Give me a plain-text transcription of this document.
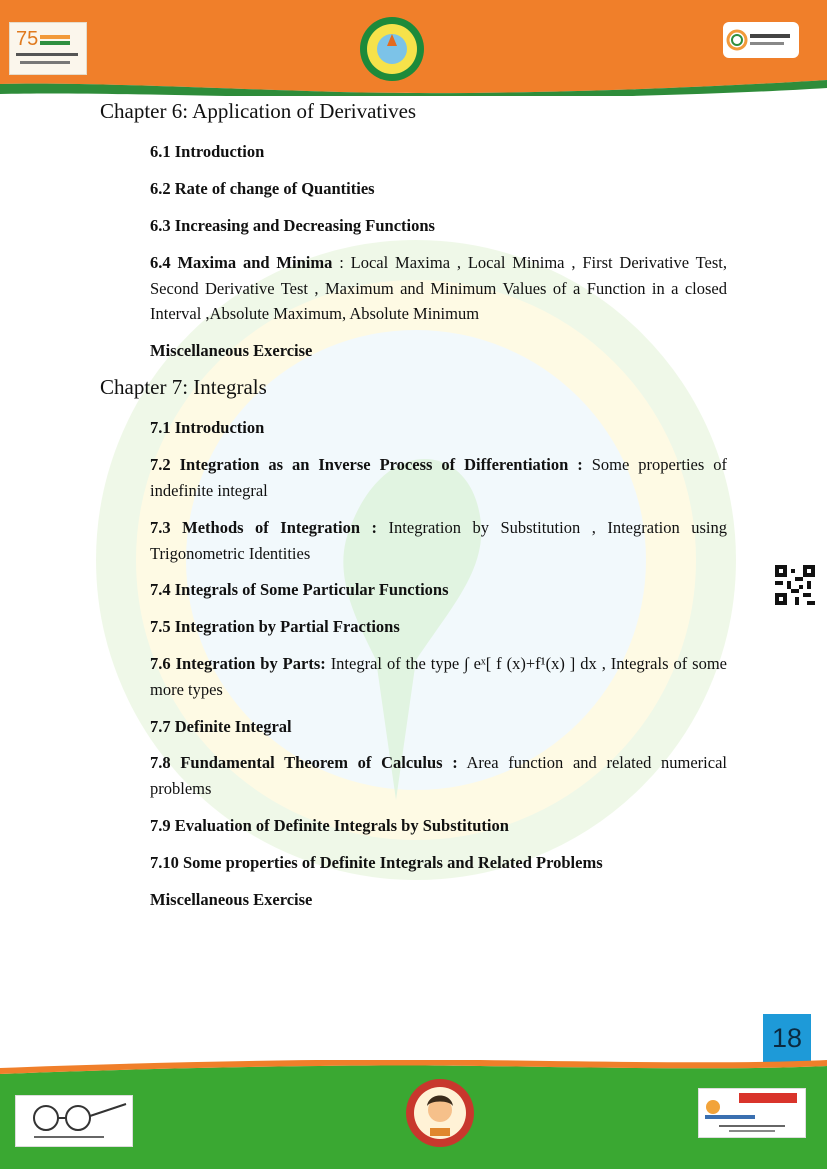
75
Chapter 6: Application of Derivatives

6.1 Introduction

6.2 Rate of change of Quantities

6.3 Increasing and Decreasing Functions

6.4 Maxima and Minima : Local Maxima , Local Minima , First Derivative Test, Second Derivative Test , Maximum and Minimum Values of a Function in a closed Interval ,Absolute Maximum, Absolute Minimum

Miscellaneous Exercise

Chapter 7: Integrals

7.1 Introduction

7.2 Integration as an Inverse Process of Differentiation : Some properties of indefinite integral

7.3 Methods of Integration : Integration by Substitution , Integration using Trigonometric Identities

7.4 Integrals of Some Particular Functions

7.5 Integration by Partial Fractions

7.6 Integration by Parts: Integral of the type ∫ eˣ[ f (x)+f¹(x) ] dx , Integrals of some more types

7.7 Definite Integral

7.8 Fundamental Theorem of Calculus : Area function and related numerical problems

7.9 Evaluation of Definite Integrals by Substitution

7.10 Some properties of Definite Integrals and Related Problems

Miscellaneous Exercise

18
